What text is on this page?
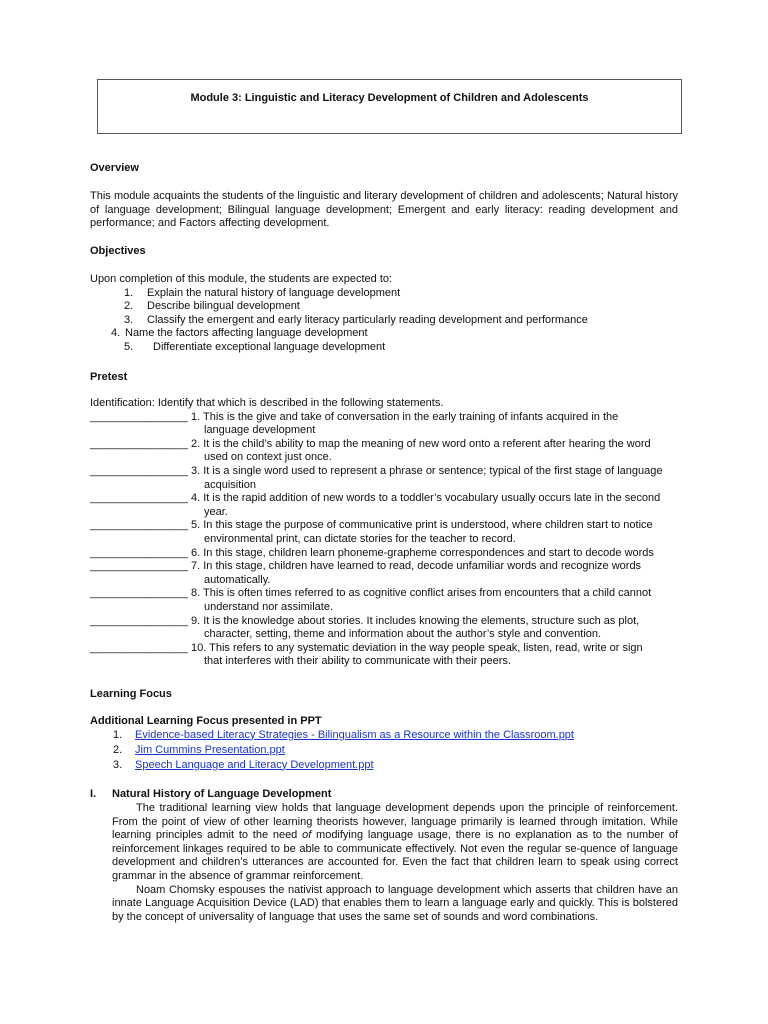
Module 3: Linguistic and Literacy Development of Children and Adolescents
Overview
This module acquaints the students of the linguistic and literary development of children and adolescents; Natural history of language development; Bilingual language development; Emergent and early literacy: reading development and performance; and Factors affecting development.
Objectives
Upon completion of this module, the students are expected to:
1. Explain the natural history of language development
2. Describe bilingual development
3. Classify the emergent and early literacy particularly reading development and performance
4. Name the factors affecting language development
5. Differentiate exceptional language development
Pretest
Identification: Identify that which is described in the following statements.
________________ 1. This is the give and take of conversation in the early training of infants acquired in the
language development
________________ 2. It is the child’s ability to map the meaning of new word onto a referent after hearing the word
used on context just once.
________________ 3. It is a single word used to represent a phrase or sentence; typical of the first stage of language
acquisition
________________ 4. It is the rapid addition of new words to a toddler’s vocabulary usually occurs late in the second
year.
________________ 5. In this stage the purpose of communicative print is understood, where children start to notice
environmental print, can dictate stories for the teacher to record.
________________ 6. In this stage, children learn phoneme-grapheme correspondences and start to decode words
________________ 7. In this stage, children have learned to read, decode unfamiliar words and recognize words
automatically.
________________ 8. This is often times referred to as cognitive conflict arises from encounters that a child cannot
understand nor assimilate.
________________ 9. It is the knowledge about stories. It includes knowing the elements, structure such as plot,
character, setting, theme and information about the author’s style and convention.
________________ 10. This refers to any systematic deviation in the way people speak, listen, read, write or sign
that interferes with their ability to communicate with their peers.
Learning Focus
Additional Learning Focus presented in PPT
1. Evidence-based Literacy Strategies - Bilingualism as a Resource within the Classroom.ppt
2. Jim Cummins Presentation.ppt
3. Speech Language and Literacy Development.ppt
I. Natural History of Language Development
The traditional learning view holds that language development depends upon the principle of reinforcement. From the point of view of other learning theorists however, language primarily is learned through imitation. While learning principles admit to the need of modifying language usage, there is no explanation as to the number of reinforcement linkages required to be able to communicate effectively. Not even the regular se-quence of language development and children’s utterances are accounted for. Even the fact that children learn to speak using correct grammar in the absence of grammar reinforcement.
Noam Chomsky espouses the nativist approach to language development which asserts that children have an innate Language Acquisition Device (LAD) that enables them to learn a language early and quickly. This is bolstered by the concept of universality of language that uses the same set of sounds and word combinations.
